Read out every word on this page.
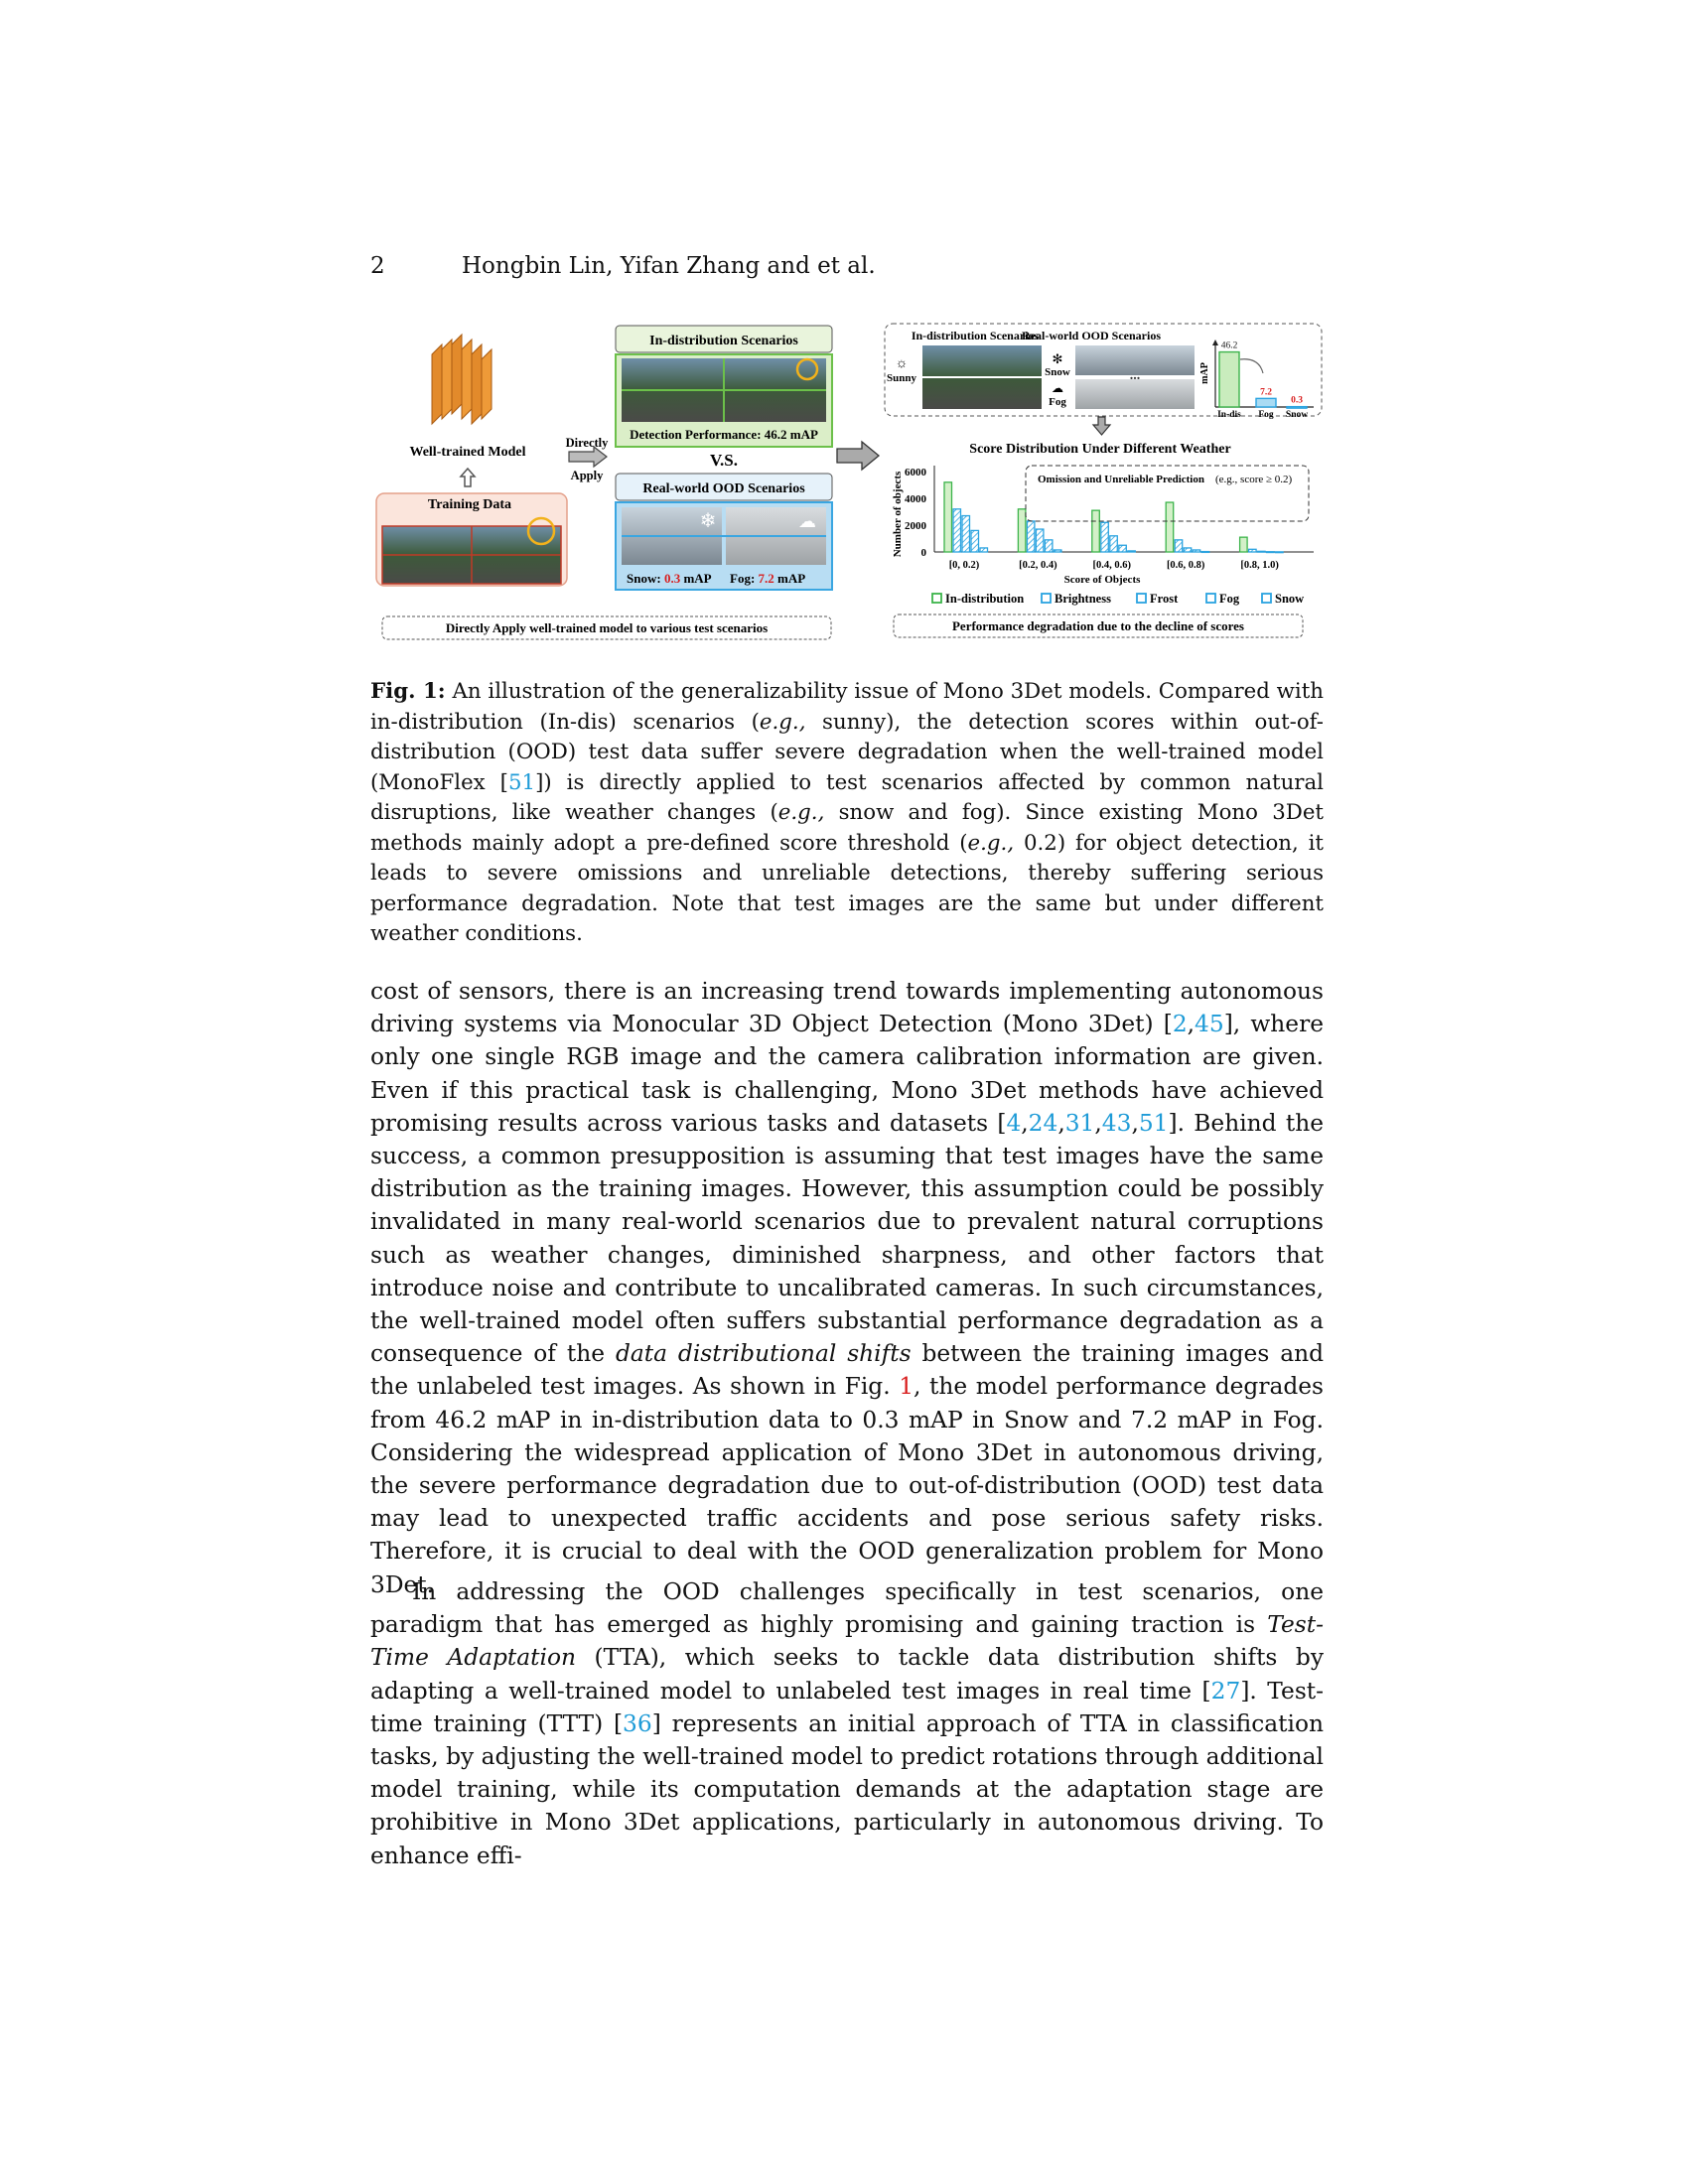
2	Hongbin Lin, Yifan Zhang and et al.
Well-trained Model
Training Data
Directly
Apply
In-distribution Scenarios
Detection Performance: 46.2 mAP
V.S.
Real-world OOD Scenarios
❄	☁
Snow: 0.3 mAP Fog: 7.2 mAP
Directly Apply well-trained model to various test scenarios
In-distribution Scenarios
Real-world OOD Scenarios
☼
Sunny
✻
Snow
☁
Fog
...	mAP
46.2
In-dis
7.2
Fog
0.3
Snow
Score Distribution Under Different Weather
Number of objects 0
2000
4000
6000
[0, 0.2)	[0.2, 0.4)	[0.4, 0.6)	[0.6, 0.8)	[0.8, 1.0)
Omission and Unreliable Prediction (e.g., score ≥ 0.2)
Score of Objects
In-distribution Brightness	Frost	Fog	Snow
Performance degradation due to the decline of scores
Fig. 1: An illustration of the generalizability issue of Mono 3Det models. Compared with in-distribution (In-dis) scenarios (e.g., sunny), the detection scores within out-of-distribution (OOD) test data suffer severe degradation when the well-trained model (MonoFlex [51]) is directly applied to test scenarios affected by common natural disruptions, like weather changes (e.g., snow and fog). Since existing Mono 3Det methods mainly adopt a pre-defined score threshold (e.g., 0.2) for object detection, it leads to severe omissions and unreliable detections, thereby suffering serious performance degradation. Note that test images are the same but under different weather conditions.
cost of sensors, there is an increasing trend towards implementing autonomous driving systems via Monocular 3D Object Detection (Mono 3Det) [2,45], where only one single RGB image and the camera calibration information are given. Even if this practical task is challenging, Mono 3Det methods have achieved promising results across various tasks and datasets [4,24,31,43,51]. Behind the success, a common presupposition is assuming that test images have the same distribution as the training images. However, this assumption could be possibly invalidated in many real-world scenarios due to prevalent natural corruptions such as weather changes, diminished sharpness, and other factors that introduce noise and contribute to uncalibrated cameras. In such circumstances, the well-trained model often suffers substantial performance degradation as a consequence of the data distributional shifts between the training images and the unlabeled test images. As shown in Fig. 1, the model performance degrades from 46.2 mAP in in-distribution data to 0.3 mAP in Snow and 7.2 mAP in Fog. Considering the widespread application of Mono 3Det in autonomous driving, the severe performance degradation due to out-of-distribution (OOD) test data may lead to unexpected traffic accidents and pose serious safety risks. Therefore, it is crucial to deal with the OOD generalization problem for Mono 3Det.
In addressing the OOD challenges specifically in test scenarios, one paradigm that has emerged as highly promising and gaining traction is Test-Time Adaptation (TTA), which seeks to tackle data distribution shifts by adapting a well-trained model to unlabeled test images in real time [27]. Test-time training (TTT) [36] represents an initial approach of TTA in classification tasks, by adjusting the well-trained model to predict rotations through additional model training, while its computation demands at the adaptation stage are prohibitive in Mono 3Det applications, particularly in autonomous driving. To enhance effi-
